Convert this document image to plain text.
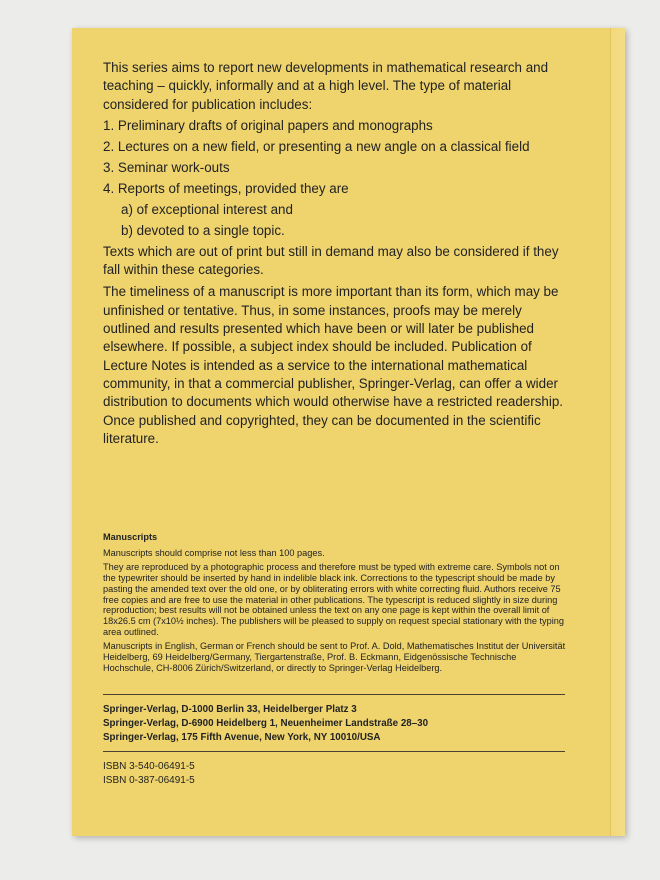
This series aims to report new developments in mathematical research and teaching – quickly, informally and at a high level. The type of material considered for publication includes:

1. Preliminary drafts of original papers and monographs
2. Lectures on a new field, or presenting a new angle on a classical field
3. Seminar work-outs
4. Reports of meetings, provided they are
a) of exceptional interest and
b) devoted to a single topic.

Texts which are out of print but still in demand may also be considered if they fall within these categories.

The timeliness of a manuscript is more important than its form, which may be unfinished or tentative. Thus, in some instances, proofs may be merely outlined and results presented which have been or will later be published elsewhere. If possible, a subject index should be included. Publication of Lecture Notes is intended as a service to the international mathematical community, in that a commercial publisher, Springer-Verlag, can offer a wider distribution to documents which would otherwise have a restricted readership. Once published and copyrighted, they can be documented in the scientific literature.

Manuscripts

Manuscripts should comprise not less than 100 pages.

They are reproduced by a photographic process and therefore must be typed with extreme care. Symbols not on the typewriter should be inserted by hand in indelible black ink. Corrections to the typescript should be made by pasting the amended text over the old one, or by obliterating errors with white correcting fluid. Authors receive 75 free copies and are free to use the material in other publications. The typescript is reduced slightly in size during reproduction; best results will not be obtained unless the text on any one page is kept within the overall limit of 18x26.5 cm (7x10½ inches). The publishers will be pleased to supply on request special stationary with the typing area outlined.

Manuscripts in English, German or French should be sent to Prof. A. Dold, Mathematisches Institut der Universität Heidelberg, 69 Heidelberg/Germany, Tiergartenstraße, Prof. B. Eckmann, Eidgenössische Technische Hochschule, CH-8006 Zürich/Switzerland, or directly to Springer-Verlag Heidelberg.

Springer-Verlag, D-1000 Berlin 33, Heidelberger Platz 3
Springer-Verlag, D-6900 Heidelberg 1, Neuenheimer Landstraße 28–30
Springer-Verlag, 175 Fifth Avenue, New York, NY 10010/USA
ISBN 3-540-06491-5
ISBN 0-387-06491-5
